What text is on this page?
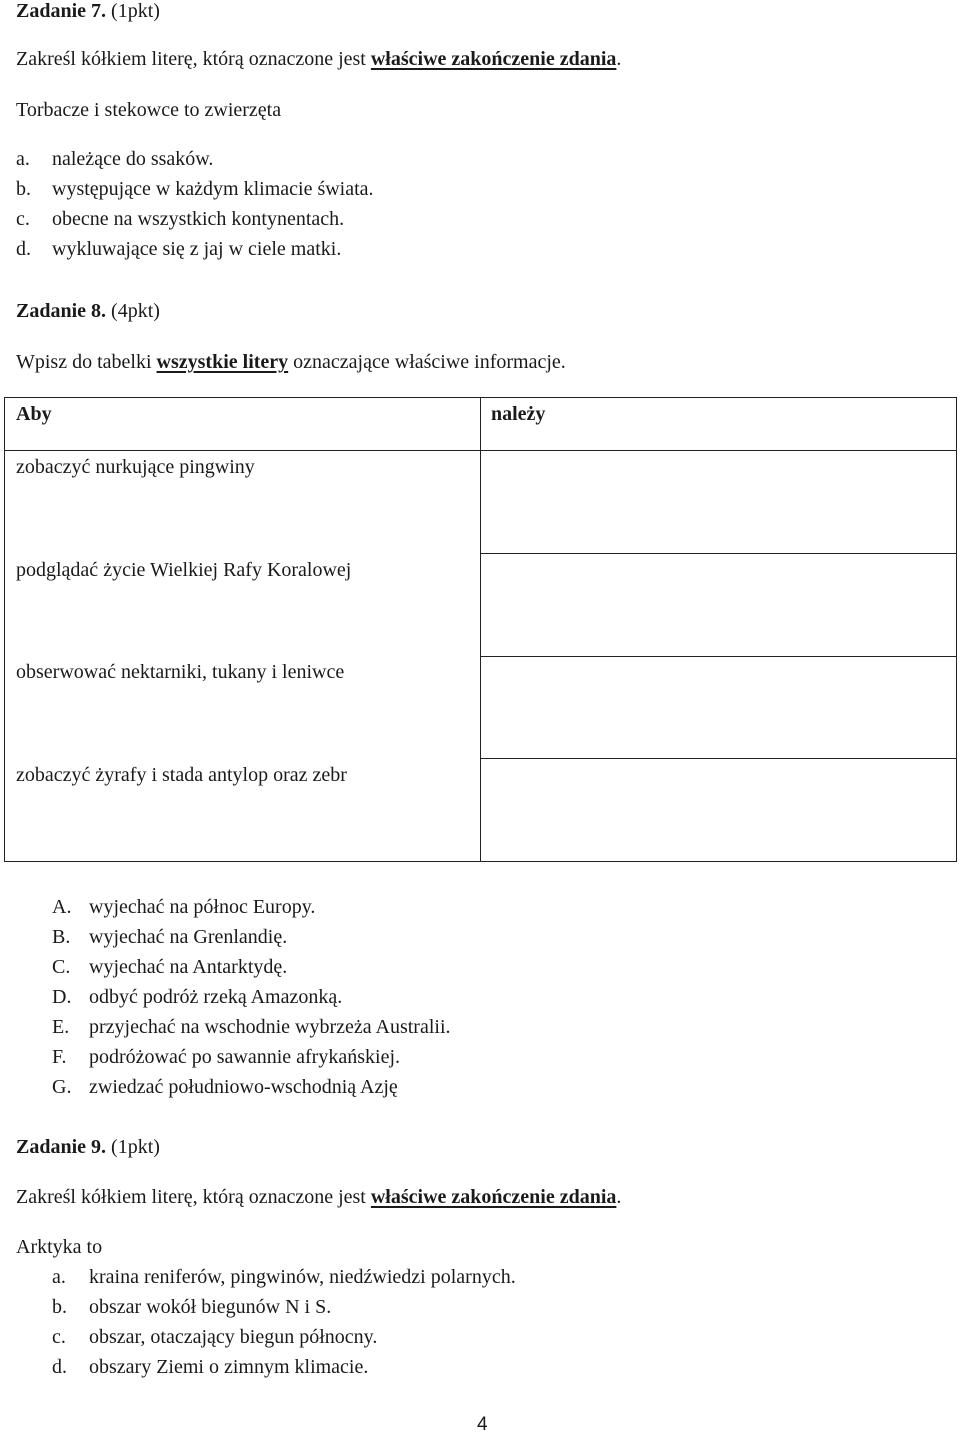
Zadanie 7. (1pkt)
Zakreśl kółkiem literę, którą oznaczone jest właściwe zakończenie zdania.
Torbacze i stekowce to zwierzęta
a. należące do ssaków.
b. występujące w każdym klimacie świata.
c. obecne na wszystkich kontynentach.
d. wykluwające się z jaj w ciele matki.
Zadanie 8. (4pkt)
Wpisz do tabelki wszystkie litery oznaczające właściwe informacje.
Aby	należy

zobaczyć nurkujące pingwiny	

podglądać życie Wielkiej Rafy Koralowej	

obserwować nektarniki, tukany i leniwce	

zobaczyć żyrafy i stada antylop oraz zebr	

A. wyjechać na północ Europy.
B. wyjechać na Grenlandię.
C. wyjechać na Antarktydę.
D. odbyć podróż rzeką Amazonką.
E. przyjechać na wschodnie wybrzeża Australii.
F. podróżować po sawannie afrykańskiej.
G. zwiedzać południowo-wschodnią Azję
Zadanie 9. (1pkt)
Zakreśl kółkiem literę, którą oznaczone jest właściwe zakończenie zdania.
Arktyka to
a. kraina reniferów, pingwinów, niedźwiedzi polarnych.
b. obszar wokół biegunów N i S.
c. obszar, otaczający biegun północny.
d. obszary Ziemi o zimnym klimacie.
4
